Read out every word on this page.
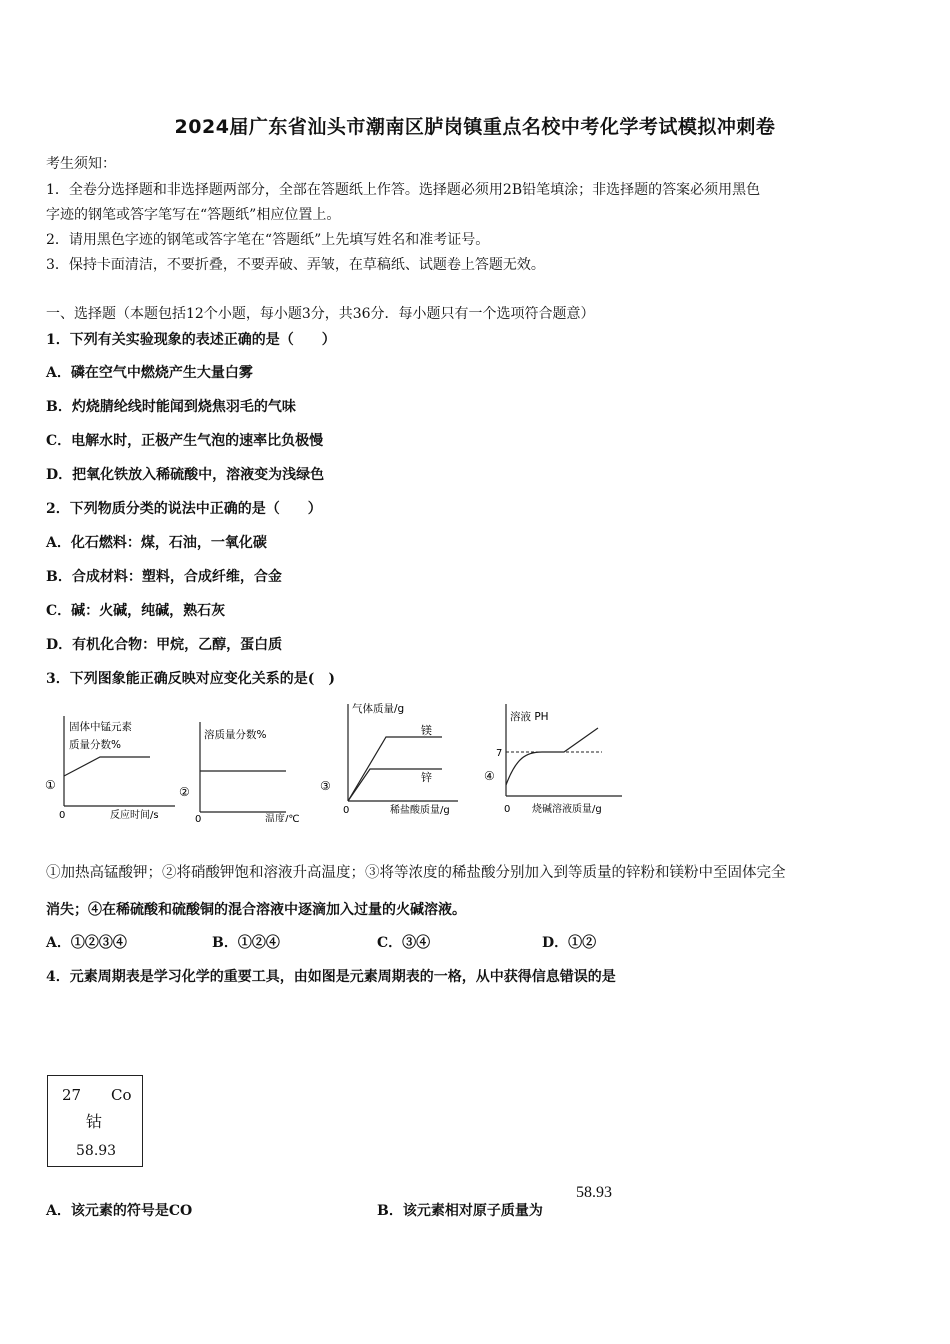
2024届广东省汕头市潮南区胪岗镇重点名校中考化学考试模拟冲刺卷
考生须知：
1．全卷分选择题和非选择题两部分，全部在答题纸上作答。选择题必须用2B铅笔填涂；非选择题的答案必须用黑色
字迹的钢笔或答字笔写在“答题纸”相应位置上。
2．请用黑色字迹的钢笔或答字笔在“答题纸”上先填写姓名和准考证号。
3．保持卡面清洁，不要折叠，不要弄破、弄皱，在草稿纸、试题卷上答题无效。
一、选择题（本题包括12个小题，每小题3分，共36分．每小题只有一个选项符合题意）
1．下列有关实验现象的表述正确的是（　　）
A．磷在空气中燃烧产生大量白雾
B．灼烧腈纶线时能闻到烧焦羽毛的气味
C．电解水时，正极产生气泡的速率比负极慢
D．把氧化铁放入稀硫酸中，溶液变为浅绿色
2．下列物质分类的说法中正确的是（　　）
A．化石燃料：煤，石油，一氧化碳
B．合成材料：塑料，合成纤维，合金
C．碱：火碱，纯碱，熟石灰
D．有机化合物：甲烷，乙醇，蛋白质
3．下列图象能正确反映对应变化关系的是(　)
①
固体中锰元素
质量分数%
0	反应时间/s
②
溶质量分数%
0	温度/℃
③
气体质量/g
镁
锌
0	稀盐酸质量/g
④
溶液 PH
7
0 烧碱溶液质量/g
①加热高锰酸钾；②将硝酸钾饱和溶液升高温度；③将等浓度的稀盐酸分别加入到等质量的锌粉和镁粉中至固体完全
消失；④在稀硫酸和硫酸铜的混合溶液中逐滴加入过量的火碱溶液。
A．①②③④	B．①②④	C．③④	D．①②
4．元素周期表是学习化学的重要工具，由如图是元素周期表的一格，从中获得信息错误的是
27 Co
钴
58.93
A．该元素的符号是CO	B．该元素相对原子质量为
58.93
